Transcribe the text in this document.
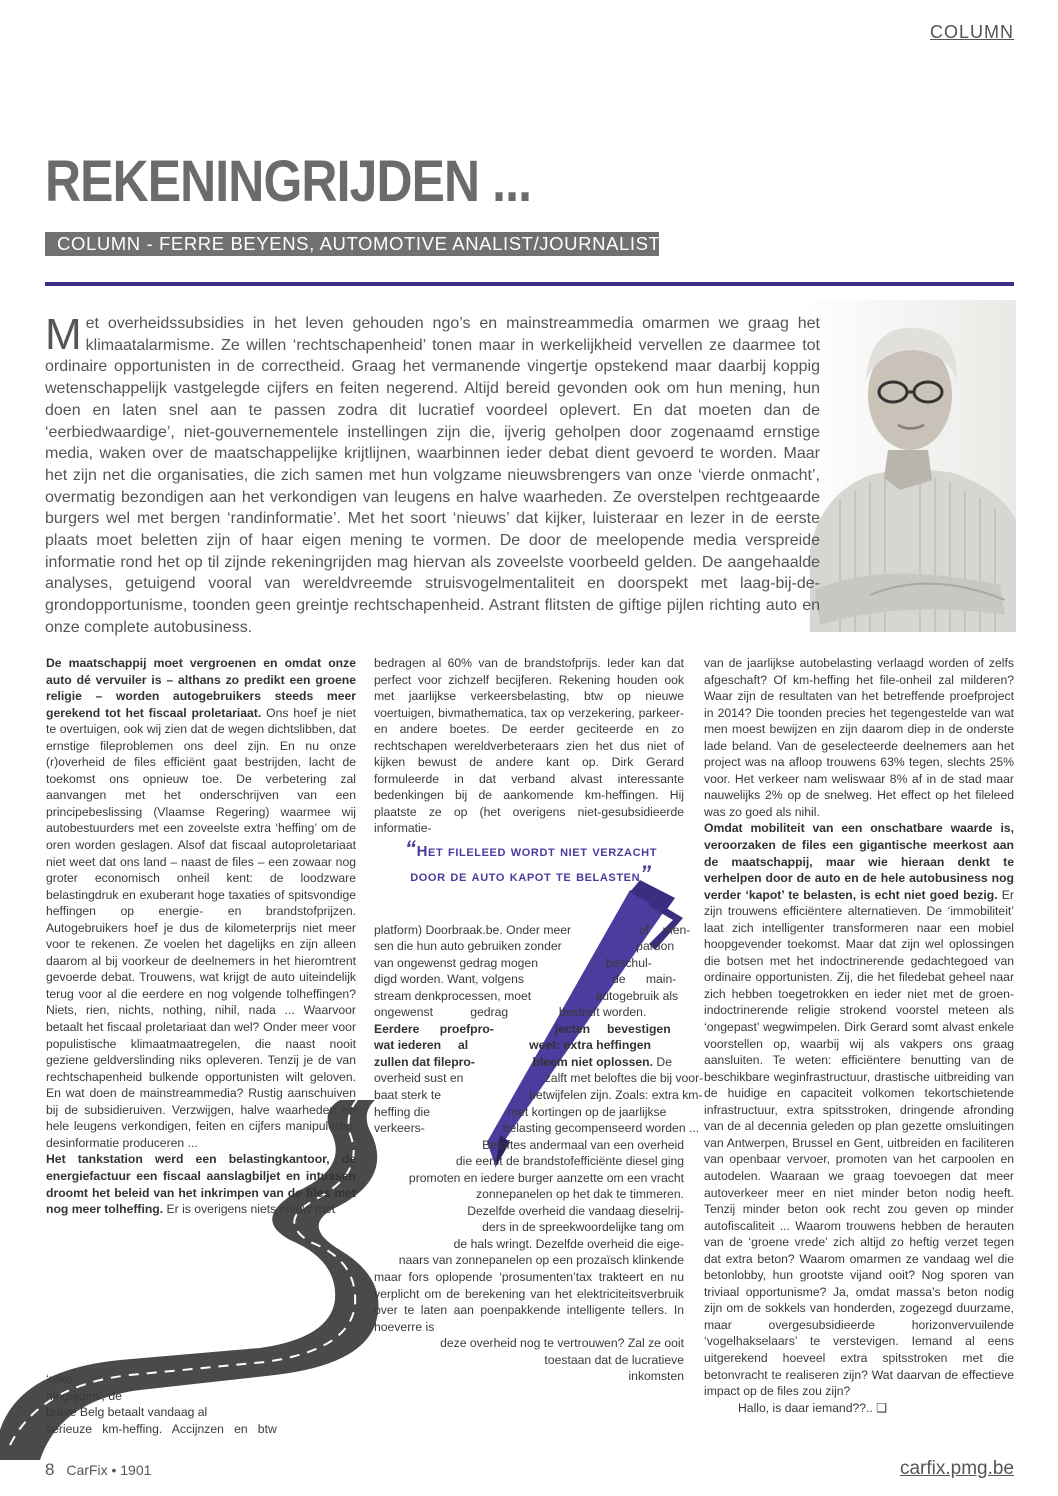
COLUMN
REKENINGRIJDEN ...
COLUMN - FERRE BEYENS, AUTOMOTIVE ANALIST/JOURNALIST
M et overheidssubsidies in het leven gehouden ngo’s en mainstreammedia omarmen we graag het klimaatalarmisme. Ze willen ‘rechtschapenheid’ tonen maar in werkelijkheid vervellen ze daarmee tot ordinaire opportunisten in de correctheid. Graag het vermanende vingertje opstekend maar daarbij koppig wetenschappelijk vastgelegde cijfers en feiten negerend. Altijd bereid gevonden ook om hun mening, hun doen en laten snel aan te passen zodra dit lucratief voordeel oplevert. En dat moeten dan de ‘eerbiedwaardige’, niet-gouvernementele instellingen zijn die, ijverig geholpen door zogenaamd ernstige media, waken over de maatschappelijke krijtlijnen, waarbinnen ieder debat dient gevoerd te worden. Maar het zijn net die organisaties, die zich samen met hun volgzame nieuwsbrengers van onze ‘vierde onmacht’, overmatig bezondigen aan het verkondigen van leugens en halve waarheden. Ze overstelpen rechtgeaarde burgers wel met bergen ‘randinformatie’. Met het soort ‘nieuws’ dat kijker, luisteraar en lezer in de eerste plaats moet beletten zijn of haar eigen mening te vormen. De door de meelopende media verspreide informatie rond het op til zijnde rekeningrijden mag hiervan als zoveelste voorbeeld gelden. De aangehaalde analyses, getuigend vooral van wereldvreemde struisvogelmentaliteit en doorspekt met laag-bij-de-grondopportunisme, toonden geen greintje rechtschapenheid. Astrant flitsten de giftige pijlen richting auto en onze complete autobusiness.
De maatschappij moet vergroenen en omdat onze auto dé vervuiler is – althans zo predikt een groene religie – worden autogebruikers steeds meer gerekend tot het fiscaal proletariaat. Ons hoef je niet te overtuigen, ook wij zien dat de wegen dichtslibben, dat ernstige fileproblemen ons deel zijn. En nu onze (r)overheid de files efficiënt gaat bestrijden, lacht de toekomst ons opnieuw toe. De verbetering zal aanvangen met het onderschrijven van een principebeslissing (Vlaamse Regering) waarmee wij autobestuurders met een zoveelste extra ‘heffing’ om de oren worden geslagen. Alsof dat fiscaal autoproletariaat niet weet dat ons land – naast de files – een zowaar nog groter economisch onheil kent: de loodzware belastingdruk en exuberant hoge taxaties of spitsvondige heffingen op energie- en brandstofprijzen. Autogebruikers hoef je dus de kilometerprijs niet meer voor te rekenen. Ze voelen het dagelijks en zijn alleen daarom al bij voorkeur de deelnemers in het hieromtrent gevoerde debat. Trouwens, wat krijgt de auto uiteindelijk terug voor al die eerdere en nog volgende tolheffingen? Niets, rien, nichts, nothing, nihil, nada ... Waarvoor betaalt het fiscaal proletariaat dan wel? Onder meer voor populistische klimaatmaatregelen, die naast nooit geziene geldverslinding niks opleveren. Tenzij je de van rechtschapenheid bulkende opportunisten wilt geloven. En wat doen de mainstreammedia? Rustig aanschuiven bij de subsidieruiven. Verzwijgen, halve waarheden en hele leugens verkondigen, feiten en cijfers manipuleren, desinformatie produceren ...
Het tankstation werd een belastingkantoor, de energiefactuur een fiscaal aanslagbiljet en intussen droomt het beleid van het inkrimpen van de files met nog meer tolheffing. Er is overigens niets nieuw met
‘reke-
ningrijden’, de
brave Belg betaalt vandaag al
serieuze   km-heffing.   Accijnzen   en   btw
bedragen al 60% van de brandstofprijs. Ieder kan dat perfect voor zichzelf becijferen. Rekening houden ook met jaarlijkse verkeersbelasting, btw op nieuwe voertuigen, bivmathematica, tax op verzekering, parkeer- en andere boetes. De eerder geciteerde en zo rechtschapen wereldverbeteraars zien het dus niet of kijken bewust de andere kant op. Dirk Gerard formuleerde in dat verband alvast interessante bedenkingen bij de aankomende km-heffingen. Hij plaatste ze op (het overigens niet-gesubsidieerde informatie-
“Het fileleed wordt niet verzacht
door de auto kapot te belasten”

platform) Doorbraak.be. Onder meer                    of    men-
sen die hun auto gebruiken zonder                      pardon
van ongewenst gedrag mogen                    beschul-
digd worden. Want, volgens                          de      main-
stream denkprocessen, moet                   autogebruik als
ongewenst           gedrag               bestraft worden.
Eerdere      proefpro-                  jecten     bevestigen
wat iederen     al                  weet: extra heffingen
zullen dat filepro-                 bleem niet oplossen. De
overheid sust en                        zalft met beloftes die bij voor-
baat sterk te                          betwijfelen zijn. Zoals: extra km-
heffing die                       met kortingen op de jaarlijkse
verkeers-                       belasting gecompenseerd worden ...
Beloftes andermaal van een overheid
die eerst de brandstofefficiënte diesel ging
promoten en iedere burger aanzette om een vracht
zonnepanelen op het dak te timmeren.
Dezelfde overheid die vandaag dieselrij-
ders in de spreekwoordelijke tang om
de hals wringt. Dezelfde overheid die eige-
naars van zonnepanelen op een prozaïsch klinkende
maar fors oplopende ‘prosumenten’tax trakteert en nu verplicht om de berekening van het elektriciteitsverbruik over te laten aan poenpakkende intelligente tellers. In hoeverre is
deze overheid nog te vertrouwen? Zal ze ooit
toestaan dat de lucratieve
inkomsten

van de jaarlijkse autobelasting verlaagd worden of zelfs afgeschaft? Of km-heffing het file-onheil zal milderen? Waar zijn de resultaten van het betreffende proefproject in 2014? Die toonden precies het tegengestelde van wat men moest bewijzen en zijn daarom diep in de onderste lade beland. Van de geselecteerde deelnemers aan het project was na afloop trouwens 63% tegen, slechts 25% voor. Het verkeer nam weliswaar 8% af in de stad maar nauwelijks 2% op de snelweg. Het effect op het fileleed was zo goed als nihil.
Omdat mobiliteit van een onschatbare waarde is, veroorzaken de files een gigantische meerkost aan de maatschappij, maar wie hieraan denkt te verhelpen door de auto en de hele autobusiness nog verder ‘kapot’ te belasten, is echt niet goed bezig. Er zijn trouwens efficiëntere alternatieven. De ‘immobiliteit’ laat zich intelligenter transformeren naar een mobiel hoopgevender toekomst. Maar dat zijn wel oplossingen die botsen met het indoctrinerende gedachtegoed van ordinaire opportunisten. Zij, die het filedebat geheel naar zich hebben toegetrokken en ieder niet met de groen-indoctrinerende religie strokend voorstel meteen als ‘ongepast’ wegwimpelen. Dirk Gerard somt alvast enkele voorstellen op, waarbij wij als vakpers ons graag aansluiten. Te weten: efficiëntere benutting van de beschikbare weginfrastructuur, drastische uitbreiding van de huidige en capaciteit volkomen tekortschietende infrastructuur, extra spitsstroken, dringende afronding van de al decennia geleden op plan gezette omsluitingen van Antwerpen, Brussel en Gent, uitbreiden en faciliteren van openbaar vervoer, promoten van het carpoolen en autodelen. Waaraan we graag toevoegen dat meer autoverkeer meer en niet minder beton nodig heeft. Tenzij minder beton ook recht zou geven op minder autofiscaliteit ... Waarom trouwens hebben de herauten van de ‘groene vrede’ zich altijd zo heftig verzet tegen dat extra beton? Waarom omarmen ze vandaag wel die betonlobby, hun grootste vijand ooit? Nog sporen van triviaal opportunisme? Ja, omdat massa’s beton nodig zijn om de sokkels van honderden, zogezegd duurzame, maar overgesubsidieerde horizonvervuilende ‘vogelhakselaars’ te verstevigen. Iemand al eens uitgerekend hoeveel extra spitsstroken met die betonvracht te realiseren zijn? Wat daarvan de effectieve impact op de files zou zijn?
Hallo, is daar iemand??.. ❑
8 CarFix • 1901	carfix.pmg.be
